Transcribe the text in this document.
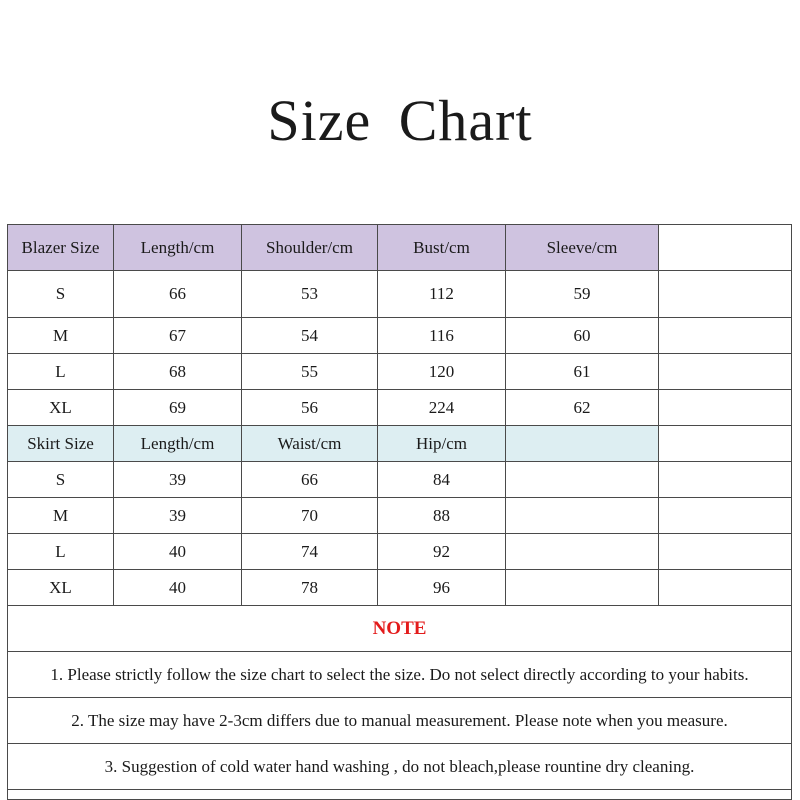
Size Chart
Blazer Size	Length/cm	Shoulder/cm	Bust/cm	Sleeve/cm	
S	66	53	112	59	
M	67	54	116	60	
L	68	55	120	61	
XL	69	56	224	62	
Skirt Size	Length/cm	Waist/cm	Hip/cm		
S	39	66	84		
M	39	70	88		
L	40	74	92		
XL	40	78	96		
NOTE					
1. Please strictly follow the size chart to select the size. Do not select directly according to your habits.					
2. The size may have 2-3cm differs due to manual measurement. Please note when you measure.					
3. Suggestion of cold water hand washing , do not bleach,please rountine dry cleaning.					
